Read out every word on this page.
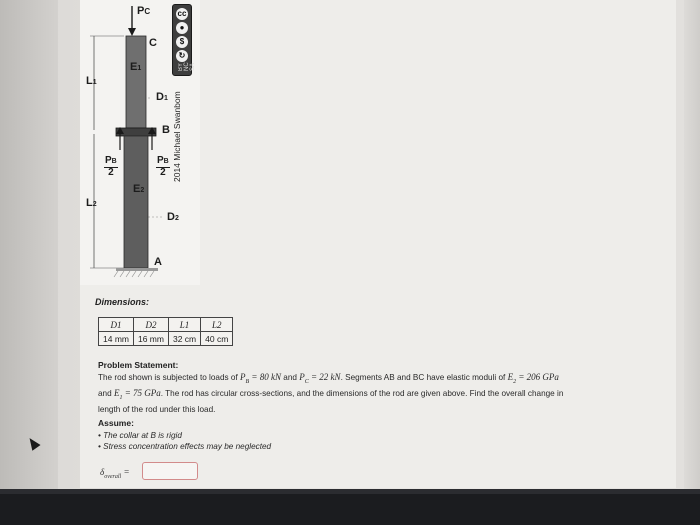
PC
C
E1
L1
D1
B
$\frac{PB}{2}$	$\frac{PB}{2}$
E2
L2
D2
A
cc
●
$
↻
BY NC SA
2014 Michael Swanbom
Dimensions:
D1	D2	L1	L2
14 mm	16 mm	32 cm	40 cm
Problem Statement:
The rod shown is subjected to loads of $P_B = 80$ kN and $P_C = 22$ kN. Segments AB and BC have elastic moduli of $E_2 = 206$ GPa
and $E_1 = 75$ GPa. The rod has circular cross-sections, and the dimensions of the rod are given above. Find the overall change in
length of the rod under this load.
Assume:
• The collar at B is rigid
• Stress concentration effects may be neglected
$\delta_{overall}$ =
